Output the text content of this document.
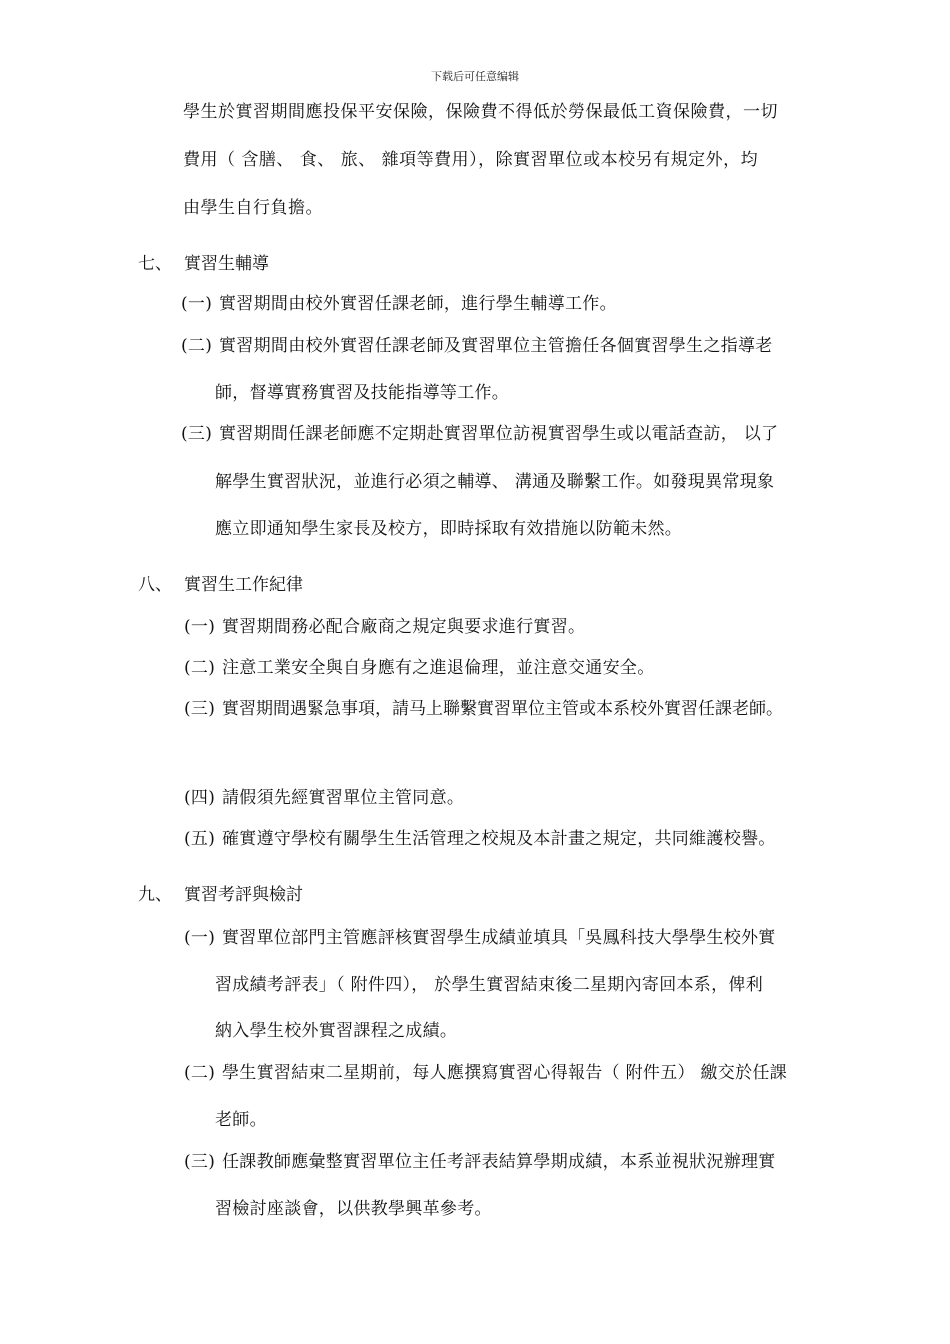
下载后可任意编辑
學生於實習期間應投保平安保險，保險費不得低於勞保最低工資保險費，一切
費用（ 含膳、 食、 旅、 雜項等費用），除實習單位或本校另有規定外，均
由學生自行負擔。
七、 實習生輔導
(一) 實習期間由校外實習任課老師，進行學生輔導工作。
(二) 實習期間由校外實習任課老師及實習單位主管擔任各個實習學生之指導老
師，督導實務實習及技能指導等工作。
(三) 實習期間任課老師應不定期赴實習單位訪視實習學生或以電話查訪， 以了
解學生實習狀況，並進行必須之輔導、 溝通及聯繫工作。如發現異常現象
應立即通知學生家長及校方，即時採取有效措施以防範未然。
八、 實習生工作紀律
(一) 實習期間務必配合廠商之規定與要求進行實習。
(二) 注意工業安全與自身應有之進退倫理，並注意交通安全。
(三) 實習期間遇緊急事項，請马上聯繫實習單位主管或本系校外實習任課老師。
(四) 請假須先經實習單位主管同意。
(五) 確實遵守學校有關學生生活管理之校規及本計畫之規定，共同維護校譽。
九、 實習考評與檢討
(一) 實習單位部門主管應評核實習學生成績並填具「吳鳳科技大學學生校外實
習成績考評表」（ 附件四）， 於學生實習結束後二星期內寄回本系，俾利
納入學生校外實習課程之成績。
(二) 學生實習結束二星期前，每人應撰寫實習心得報告（ 附件五） 繳交於任課
老師。
(三) 任課教師應彙整實習單位主任考評表結算學期成績，本系並視狀況辦理實
習檢討座談會，以供教學興革參考。
